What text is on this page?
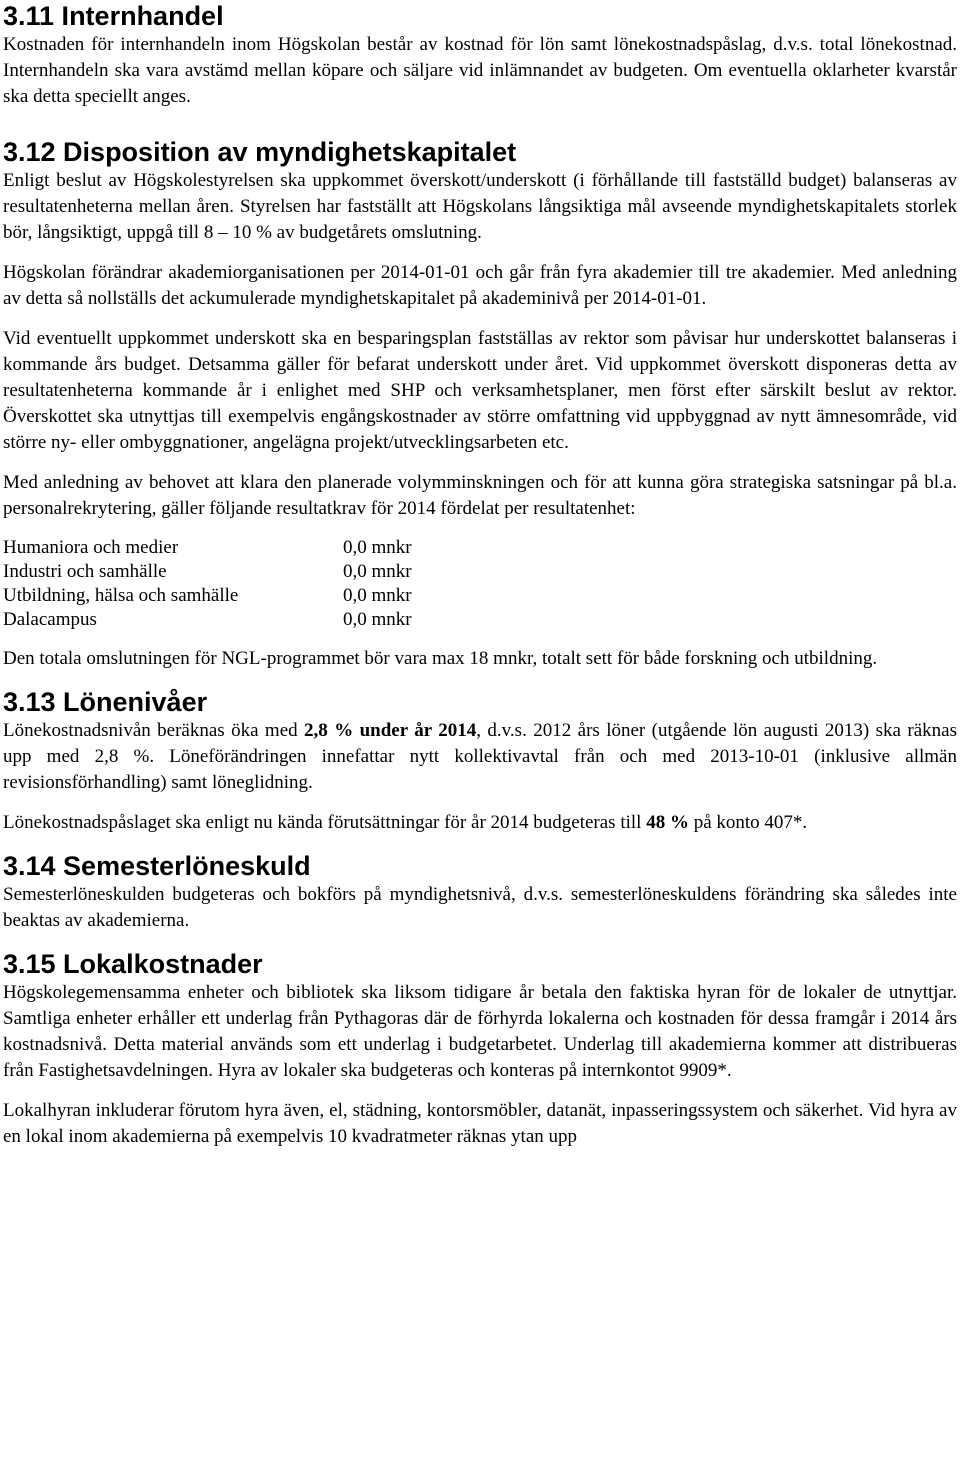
3.11 Internhandel

Kostnaden för internhandeln inom Högskolan består av kostnad för lön samt lönekostnadspåslag, d.v.s. total lönekostnad. Internhandeln ska vara avstämd mellan köpare och säljare vid inlämnandet av budgeten. Om eventuella oklarheter kvarstår ska detta speciellt anges.

3.12 Disposition av myndighetskapitalet

Enligt beslut av Högskolestyrelsen ska uppkommet överskott/underskott (i förhållande till fastställd budget) balanseras av resultatenheterna mellan åren. Styrelsen har fastställt att Högskolans långsiktiga mål avseende myndighetskapitalets storlek bör, långsiktigt, uppgå till 8 – 10 % av budgetårets omslutning.

Högskolan förändrar akademiorganisationen per 2014-01-01 och går från fyra akademier till tre akademier. Med anledning av detta så nollställs det ackumulerade myndighetskapitalet på akademinivå per 2014-01-01.

Vid eventuellt uppkommet underskott ska en besparingsplan fastställas av rektor som påvisar hur underskottet balanseras i kommande års budget. Detsamma gäller för befarat underskott under året. Vid uppkommet överskott disponeras detta av resultatenheterna kommande år i enlighet med SHP och verksamhetsplaner, men först efter särskilt beslut av rektor. Överskottet ska utnyttjas till exempelvis engångskostnader av större omfattning vid uppbyggnad av nytt ämnesområde, vid större ny- eller ombyggnationer, angelägna projekt/utvecklingsarbeten etc.

Med anledning av behovet att klara den planerade volymminskningen och för att kunna göra strategiska satsningar på bl.a. personalrekrytering, gäller följande resultatkrav för 2014 fördelat per resultatenhet:

Humaniora och medier	0,0 mnkr
Industri och samhälle	0,0 mnkr
Utbildning, hälsa och samhälle	0,0 mnkr
Dalacampus	0,0 mnkr

Den totala omslutningen för NGL-programmet bör vara max 18 mnkr, totalt sett för både forskning och utbildning.

3.13 Lönenivåer

Lönekostnadsnivån beräknas öka med 2,8 % under år 2014, d.v.s. 2012 års löner (utgående lön augusti 2013) ska räknas upp med 2,8 %. Löneförändringen innefattar nytt kollektivavtal från och med 2013-10-01 (inklusive allmän revisionsförhandling) samt löneglidning.

Lönekostnadspåslaget ska enligt nu kända förutsättningar för år 2014 budgeteras till 48 % på konto 407*.

3.14 Semesterlöneskuld

Semesterlöneskulden budgeteras och bokförs på myndighetsnivå, d.v.s. semesterlöneskuldens förändring ska således inte beaktas av akademierna.

3.15 Lokalkostnader

Högskolegemensamma enheter och bibliotek ska liksom tidigare år betala den faktiska hyran för de lokaler de utnyttjar. Samtliga enheter erhåller ett underlag från Pythagoras där de förhyrda lokalerna och kostnaden för dessa framgår i 2014 års kostnadsnivå. Detta material används som ett underlag i budgetarbetet. Underlag till akademierna kommer att distribueras från Fastighetsavdelningen. Hyra av lokaler ska budgeteras och konteras på internkontot 9909*.

Lokalhyran inkluderar förutom hyra även, el, städning, kontorsmöbler, datanät, inpasseringssystem och säkerhet. Vid hyra av en lokal inom akademierna på exempelvis 10 kvadratmeter räknas ytan upp
